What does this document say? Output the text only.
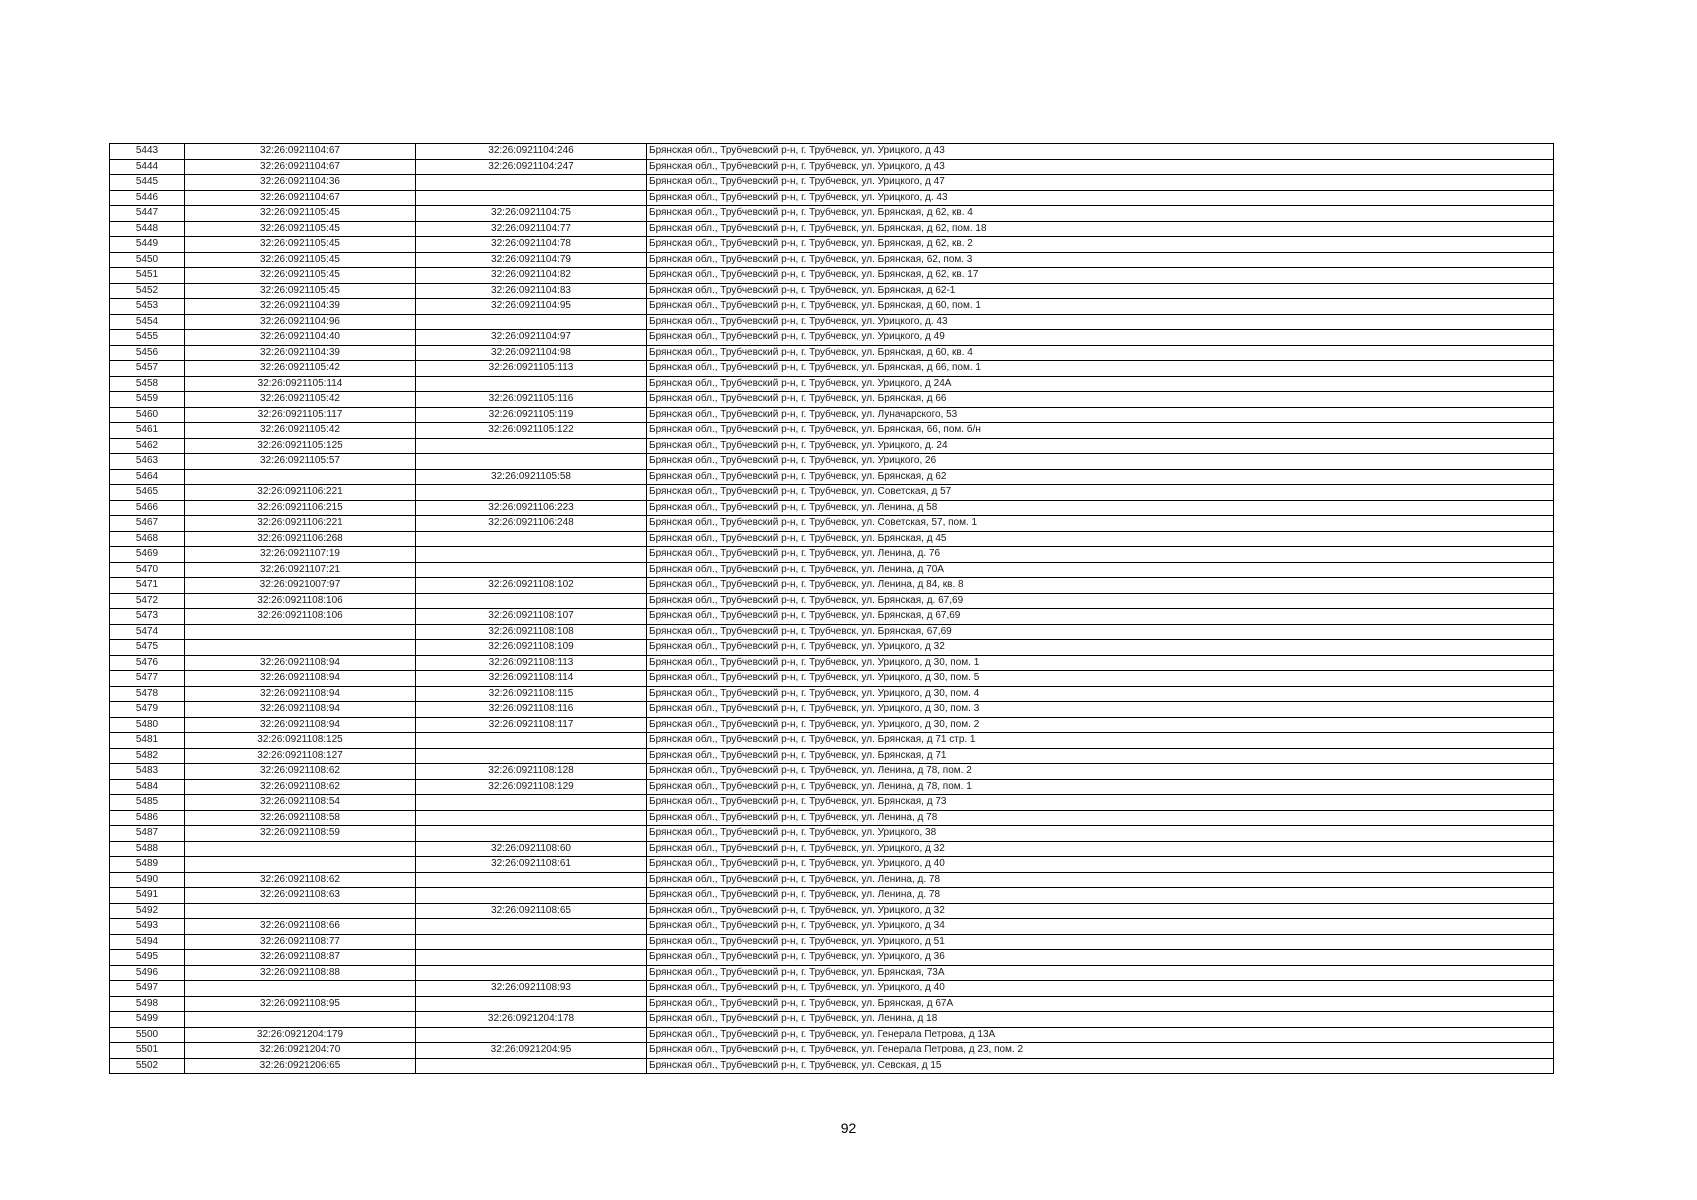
5443	32:26:0921104:67	32:26:0921104:246	Брянская обл., Трубчевский р-н, г. Трубчевск, ул. Урицкого, д 43
5444	32:26:0921104:67	32:26:0921104:247	Брянская обл., Трубчевский р-н, г. Трубчевск, ул. Урицкого, д 43
5445	32:26:0921104:36		Брянская обл., Трубчевский р-н, г. Трубчевск, ул. Урицкого, д 47
5446	32:26:0921104:67		Брянская обл., Трубчевский р-н, г. Трубчевск, ул. Урицкого, д. 43
5447	32:26:0921105:45	32:26:0921104:75	Брянская обл., Трубчевский р-н, г. Трубчевск, ул. Брянская, д 62, кв. 4
5448	32:26:0921105:45	32:26:0921104:77	Брянская обл., Трубчевский р-н, г. Трубчевск, ул. Брянская, д 62, пом. 18
5449	32:26:0921105:45	32:26:0921104:78	Брянская обл., Трубчевский р-н, г. Трубчевск, ул. Брянская, д 62, кв. 2
5450	32:26:0921105:45	32:26:0921104:79	Брянская обл., Трубчевский р-н, г. Трубчевск, ул. Брянская, 62, пом. 3
5451	32:26:0921105:45	32:26:0921104:82	Брянская обл., Трубчевский р-н, г. Трубчевск, ул. Брянская, д 62, кв. 17
5452	32:26:0921105:45	32:26:0921104:83	Брянская обл., Трубчевский р-н, г. Трубчевск, ул. Брянская, д 62-1
5453	32:26:0921104:39	32:26:0921104:95	Брянская обл., Трубчевский р-н, г. Трубчевск, ул. Брянская, д 60, пом. 1
5454	32:26:0921104:96		Брянская обл., Трубчевский р-н, г. Трубчевск, ул. Урицкого, д. 43
5455	32:26:0921104:40	32:26:0921104:97	Брянская обл., Трубчевский р-н, г. Трубчевск, ул. Урицкого, д 49
5456	32:26:0921104:39	32:26:0921104:98	Брянская обл., Трубчевский р-н, г. Трубчевск, ул. Брянская, д 60, кв. 4
5457	32:26:0921105:42	32:26:0921105:113	Брянская обл., Трубчевский р-н, г. Трубчевск, ул. Брянская, д 66, пом. 1
5458	32:26:0921105:114		Брянская обл., Трубчевский р-н, г. Трубчевск, ул. Урицкого, д 24А
5459	32:26:0921105:42	32:26:0921105:116	Брянская обл., Трубчевский р-н, г. Трубчевск, ул. Брянская, д 66
5460	32:26:0921105:117	32:26:0921105:119	Брянская обл., Трубчевский р-н, г. Трубчевск, ул. Луначарского, 53
5461	32:26:0921105:42	32:26:0921105:122	Брянская обл., Трубчевский р-н, г. Трубчевск, ул. Брянская, 66, пом. б/н
5462	32:26:0921105:125		Брянская обл., Трубчевский р-н, г. Трубчевск, ул. Урицкого, д. 24
5463	32:26:0921105:57		Брянская обл., Трубчевский р-н, г. Трубчевск, ул. Урицкого, 26
5464		32:26:0921105:58	Брянская обл., Трубчевский р-н, г. Трубчевск, ул. Брянская, д 62
5465	32:26:0921106:221		Брянская обл., Трубчевский р-н, г. Трубчевск, ул. Советская, д 57
5466	32:26:0921106:215	32:26:0921106:223	Брянская обл., Трубчевский р-н, г. Трубчевск, ул. Ленина, д 58
5467	32:26:0921106:221	32:26:0921106:248	Брянская обл., Трубчевский р-н, г. Трубчевск, ул. Советская, 57, пом. 1
5468	32:26:0921106:268		Брянская обл., Трубчевский р-н, г. Трубчевск, ул. Брянская, д 45
5469	32:26:0921107:19		Брянская обл., Трубчевский р-н, г. Трубчевск, ул. Ленина, д. 76
5470	32:26:0921107:21		Брянская обл., Трубчевский р-н, г. Трубчевск, ул. Ленина, д 70А
5471	32:26:0921007:97	32:26:0921108:102	Брянская обл., Трубчевский р-н, г. Трубчевск, ул. Ленина, д 84, кв. 8
5472	32:26:0921108:106		Брянская обл., Трубчевский р-н, г. Трубчевск, ул. Брянская, д. 67,69
5473	32:26:0921108:106	32:26:0921108:107	Брянская обл., Трубчевский р-н, г. Трубчевск, ул. Брянская, д 67,69
5474		32:26:0921108:108	Брянская обл., Трубчевский р-н, г. Трубчевск, ул. Брянская, 67,69
5475		32:26:0921108:109	Брянская обл., Трубчевский р-н, г. Трубчевск, ул. Урицкого, д 32
5476	32:26:0921108:94	32:26:0921108:113	Брянская обл., Трубчевский р-н, г. Трубчевск, ул. Урицкого, д 30, пом. 1
5477	32:26:0921108:94	32:26:0921108:114	Брянская обл., Трубчевский р-н, г. Трубчевск, ул. Урицкого, д 30, пом. 5
5478	32:26:0921108:94	32:26:0921108:115	Брянская обл., Трубчевский р-н, г. Трубчевск, ул. Урицкого, д 30, пом. 4
5479	32:26:0921108:94	32:26:0921108:116	Брянская обл., Трубчевский р-н, г. Трубчевск, ул. Урицкого, д 30, пом. 3
5480	32:26:0921108:94	32:26:0921108:117	Брянская обл., Трубчевский р-н, г. Трубчевск, ул. Урицкого, д 30, пом. 2
5481	32:26:0921108:125		Брянская обл., Трубчевский р-н, г. Трубчевск, ул. Брянская, д 71 стр. 1
5482	32:26:0921108:127		Брянская обл., Трубчевский р-н, г. Трубчевск, ул. Брянская, д 71
5483	32:26:0921108:62	32:26:0921108:128	Брянская обл., Трубчевский р-н, г. Трубчевск, ул. Ленина, д 78, пом. 2
5484	32:26:0921108:62	32:26:0921108:129	Брянская обл., Трубчевский р-н, г. Трубчевск, ул. Ленина, д 78, пом. 1
5485	32:26:0921108:54		Брянская обл., Трубчевский р-н, г. Трубчевск, ул. Брянская, д 73
5486	32:26:0921108:58		Брянская обл., Трубчевский р-н, г. Трубчевск, ул. Ленина, д 78
5487	32:26:0921108:59		Брянская обл., Трубчевский р-н, г. Трубчевск, ул. Урицкого, 38
5488		32:26:0921108:60	Брянская обл., Трубчевский р-н, г. Трубчевск, ул. Урицкого, д 32
5489		32:26:0921108:61	Брянская обл., Трубчевский р-н, г. Трубчевск, ул. Урицкого, д 40
5490	32:26:0921108:62		Брянская обл., Трубчевский р-н, г. Трубчевск, ул. Ленина, д. 78
5491	32:26:0921108:63		Брянская обл., Трубчевский р-н, г. Трубчевск, ул. Ленина, д. 78
5492		32:26:0921108:65	Брянская обл., Трубчевский р-н, г. Трубчевск, ул. Урицкого, д 32
5493	32:26:0921108:66		Брянская обл., Трубчевский р-н, г. Трубчевск, ул. Урицкого, д 34
5494	32:26:0921108:77		Брянская обл., Трубчевский р-н, г. Трубчевск, ул. Урицкого, д 51
5495	32:26:0921108:87		Брянская обл., Трубчевский р-н, г. Трубчевск, ул. Урицкого, д 36
5496	32:26:0921108:88		Брянская обл., Трубчевский р-н, г. Трубчевск, ул. Брянская, 73А
5497		32:26:0921108:93	Брянская обл., Трубчевский р-н, г. Трубчевск, ул. Урицкого, д 40
5498	32:26:0921108:95		Брянская обл., Трубчевский р-н, г. Трубчевск, ул. Брянская, д 67А
5499		32:26:0921204:178	Брянская обл., Трубчевский р-н, г. Трубчевск, ул. Ленина, д 18
5500	32:26:0921204:179		Брянская обл., Трубчевский р-н, г. Трубчевск, ул. Генерала Петрова, д 13А
5501	32:26:0921204:70	32:26:0921204:95	Брянская обл., Трубчевский р-н, г. Трубчевск, ул. Генерала Петрова, д 23, пом. 2
5502	32:26:0921206:65		Брянская обл., Трубчевский р-н, г. Трубчевск, ул. Севская, д 15
92
